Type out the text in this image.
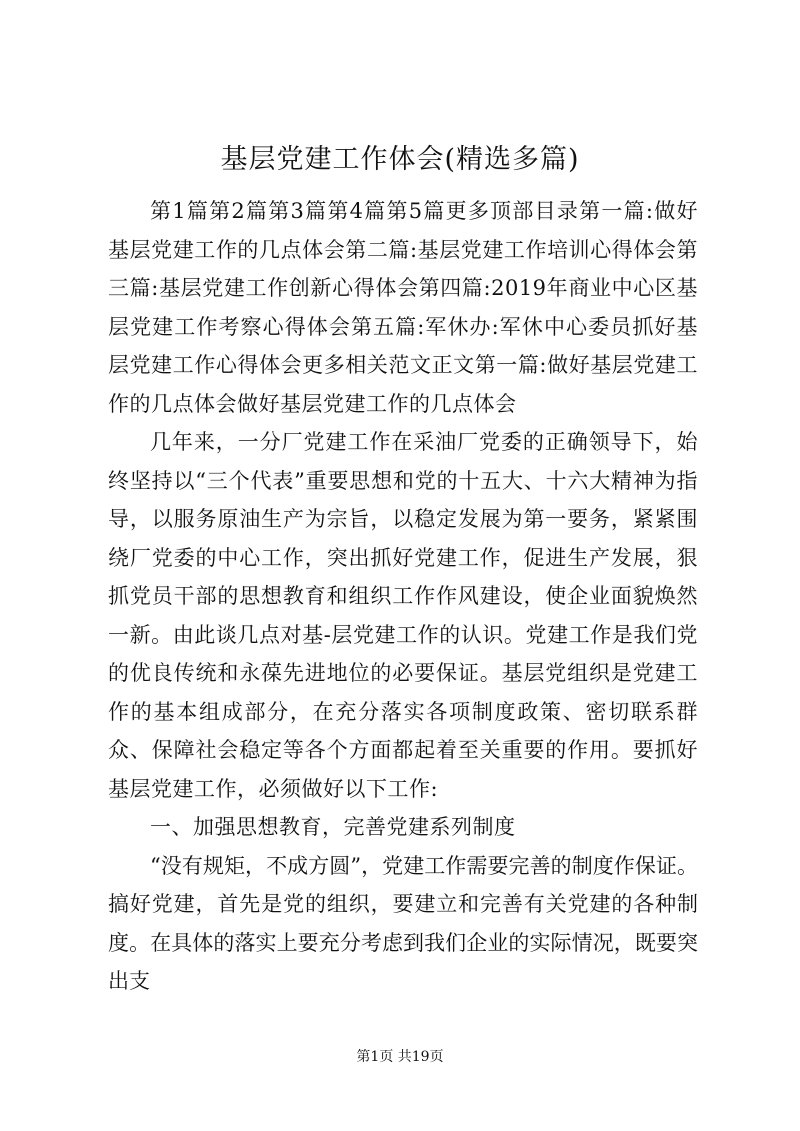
基层党建工作体会(精选多篇)

第1篇第2篇第3篇第4篇第5篇更多顶部目录第一篇:做好基层党建工作的几点体会第二篇:基层党建工作培训心得体会第三篇:基层党建工作创新心得体会第四篇:2019年商业中心区基层党建工作考察心得体会第五篇:军休办:军休中心委员抓好基层党建工作心得体会更多相关范文正文第一篇:做好基层党建工作的几点体会做好基层党建工作的几点体会

几年来，一分厂党建工作在采油厂党委的正确领导下，始终坚持以“三个代表”重要思想和党的十五大、十六大精神为指导，以服务原油生产为宗旨，以稳定发展为第一要务，紧紧围绕厂党委的中心工作，突出抓好党建工作，促进生产发展，狠抓党员干部的思想教育和组织工作作风建设，使企业面貌焕然一新。由此谈几点对基-层党建工作的认识。党建工作是我们党的优良传统和永葆先进地位的必要保证。基层党组织是党建工作的基本组成部分，在充分落实各项制度政策、密切联系群众、保障社会稳定等各个方面都起着至关重要的作用。要抓好基层党建工作，必须做好以下工作:

一、加强思想教育，完善党建系列制度

“没有规矩，不成方圆”，党建工作需要完善的制度作保证。搞好党建，首先是党的组织，要建立和完善有关党建的各种制度。在具体的落实上要充分考虑到我们企业的实际情况，既要突出支

第1页 共19页
